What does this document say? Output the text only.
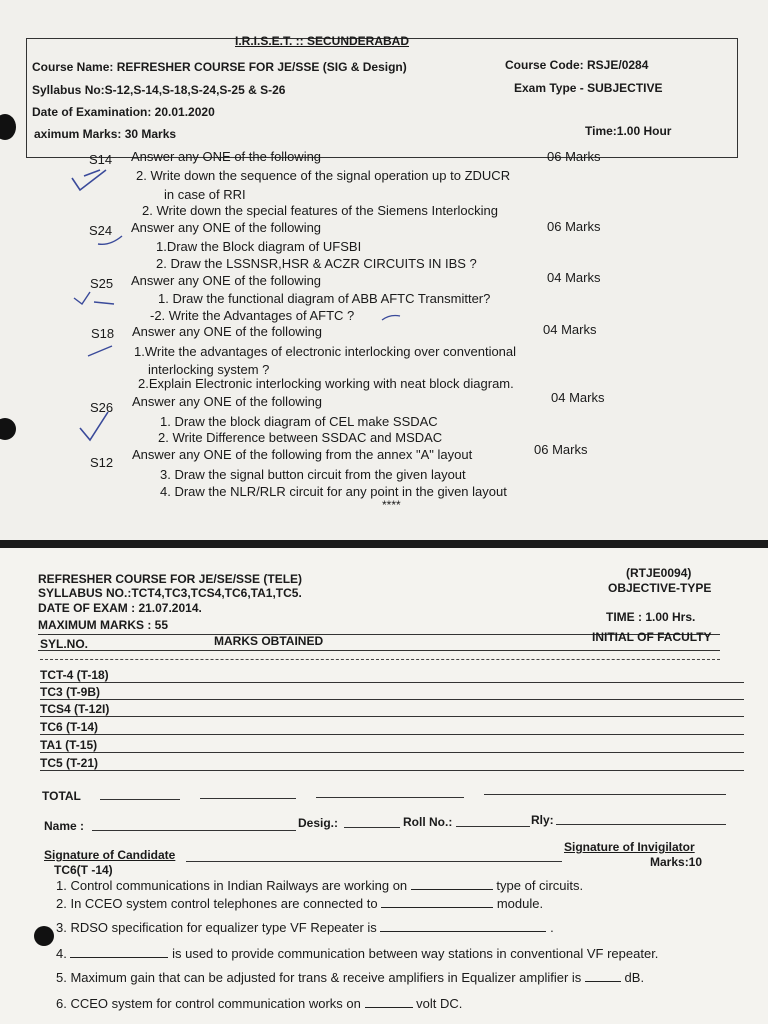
I.R.I.S.E.T. :: SECUNDERABAD
Course Name: REFRESHER COURSE FOR JE/SSE (SIG & Design)	Course Code: RSJE/0284
Syllabus No:S-12,S-14,S-18,S-24,S-25 & S-26	Exam Type - SUBJECTIVE
Date of Examination: 20.01.2020
aximum Marks: 30 Marks	Time:1.00 Hour
S14 Answer any ONE of the following	06 Marks
2. Write down the sequence of the signal operation up to ZDUCR
in case of RRI
2. Write down the special features of the Siemens Interlocking
S24 Answer any ONE of the following	06 Marks
1.Draw the Block diagram of UFSBI
2. Draw the LSSNSR,HSR & ACZR CIRCUITS IN IBS ?
S25 Answer any ONE of the following	04 Marks
1. Draw the functional diagram of ABB AFTC Transmitter?
-2. Write the Advantages of AFTC ?
S18 Answer any ONE of the following	04 Marks
1.Write the advantages of electronic interlocking over conventional
interlocking system ?
2.Explain Electronic interlocking working with neat block diagram.
S26 Answer any ONE of the following	04 Marks
1. Draw the block diagram of CEL make SSDAC
2. Write Difference between SSDAC and MSDAC
S12
Answer any ONE of the following from the annex "A" layout	06 Marks
3. Draw the signal button circuit from the given layout
4. Draw the NLR/RLR circuit for any point in the given layout
****
REFRESHER COURSE FOR JE/SE/SSE (TELE)	(RTJE0094)
SYLLABUS NO.:TCT4,TC3,TCS4,TC6,TA1,TC5.	OBJECTIVE-TYPE
DATE OF EXAM : 21.07.2014.
TIME : 1.00 Hrs.
MAXIMUM MARKS : 55
SYL.NO.	MARKS OBTAINED	INITIAL OF FACULTY
TCT-4 (T-18)
TC3 (T-9B)
TCS4 (T-12I)
TC6 (T-14)
TA1 (T-15)
TC5 (T-21)
TOTAL
Name :	Desig.:	Roll No.:	Rly:
Signature of Candidate
Signature of Invigilator
TC6(T -14)
Marks:10
1. Control communications in Indian Railways are working on	type of circuits.
2. In CCEO system control telephones are connected to	module.
3. RDSO specification for equalizer type VF Repeater is	.
4.	is used to provide communication between way stations in conventional VF repeater.
5. Maximum gain that can be adjusted for trans & receive amplifiers in Equalizer amplifier is	dB.
6. CCEO system for control communication works on	volt DC.
